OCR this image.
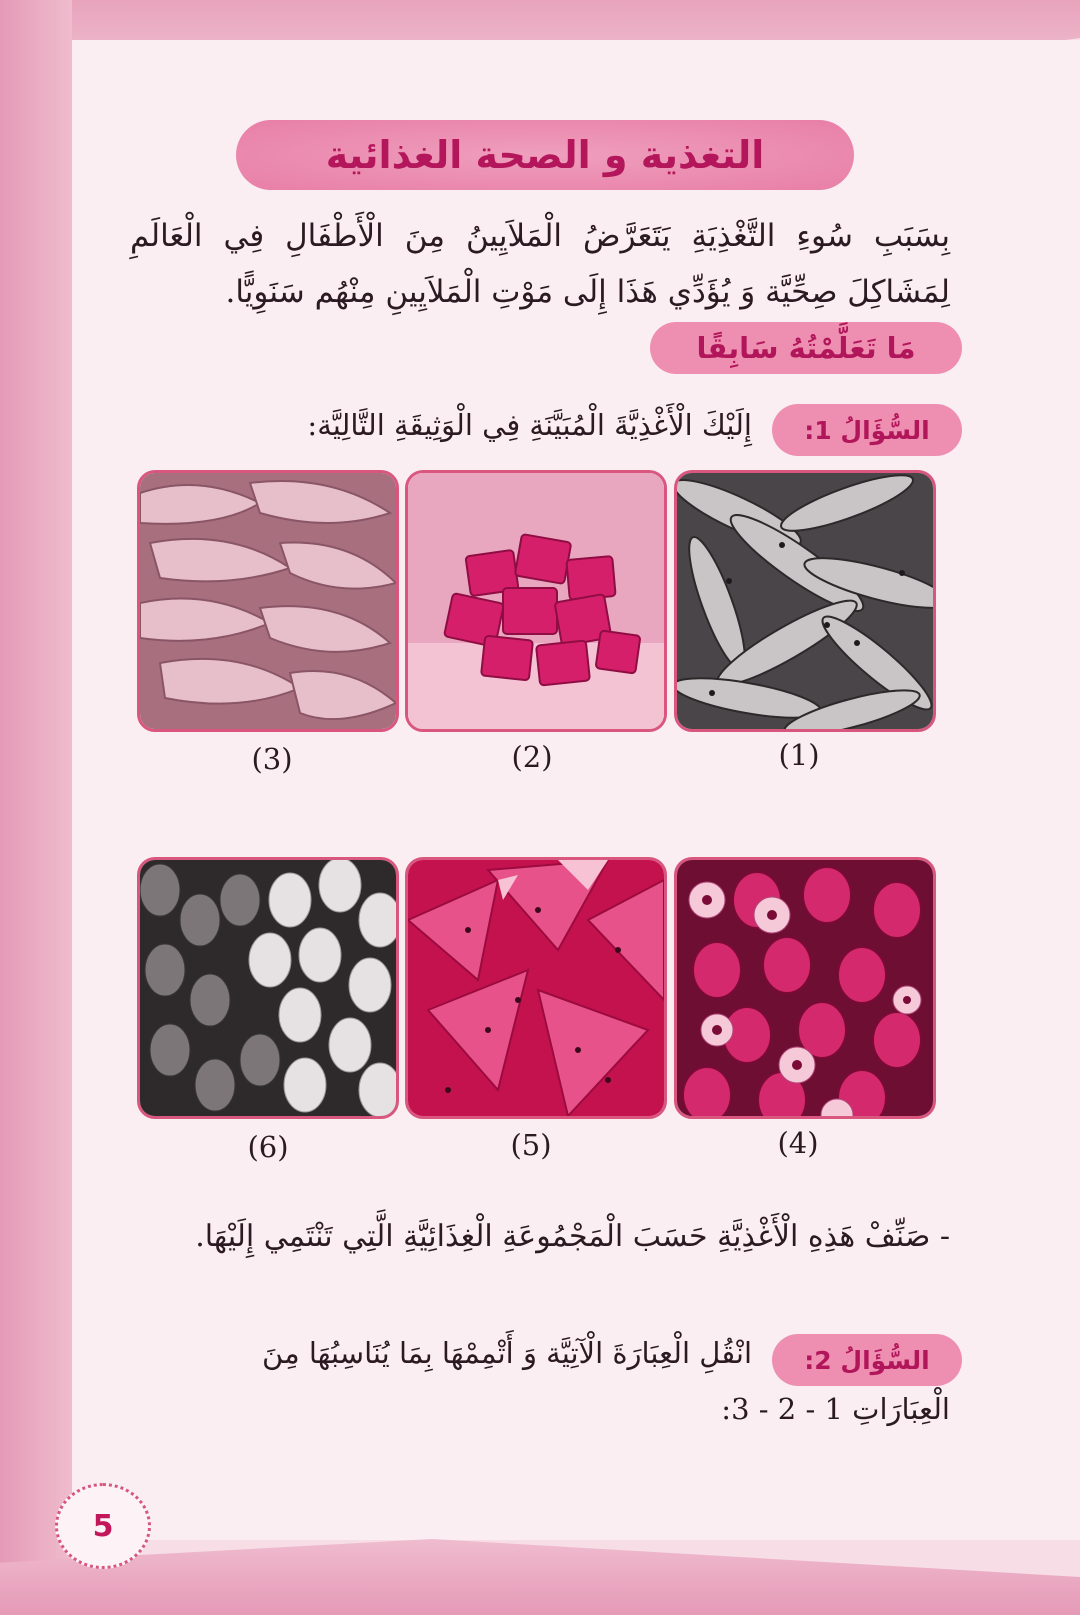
التغذية و الصحة الغذائية

بِسَبَبِ سُوءِ التَّغْذِيَةِ يَتَعَرَّضُ الْمَلاَيِينُ مِنَ الْأَطْفَالِ فِي الْعَالَمِ لِمَشَاكِلَ صِحِّيَّة وَ يُؤَدِّي هَذَا إِلَى مَوْتِ الْمَلاَيِينِ مِنْهُم سَنَوِيًّا.

مَا تَعَلَّمْتُهُ سَابِقًا
السُّؤَالُ 1:
إِلَيْكَ الْأَغْذِيَّةَ الْمُبَيَّنَةِ فِي الْوَثِيقَةِ التَّالِيَّة:
(1)
(2)
(3)
(4)
(5)
(6)

- صَنِّفْ هَذِهِ الْأَغْذِيَّةِ حَسَبَ الْمَجْمُوعَةِ الْغِذَائِيَّةِ الَّتِي تَنْتَمِي إِلَيْهَا.

السُّؤَالُ 2:
انْقُلِ الْعِبَارَةَ الْآتِيَّة وَ أَتْمِمْهَا بِمَا يُنَاسِبُهَا مِنَ
الْعِبَارَاتِ 1 - 2 - 3:
5
